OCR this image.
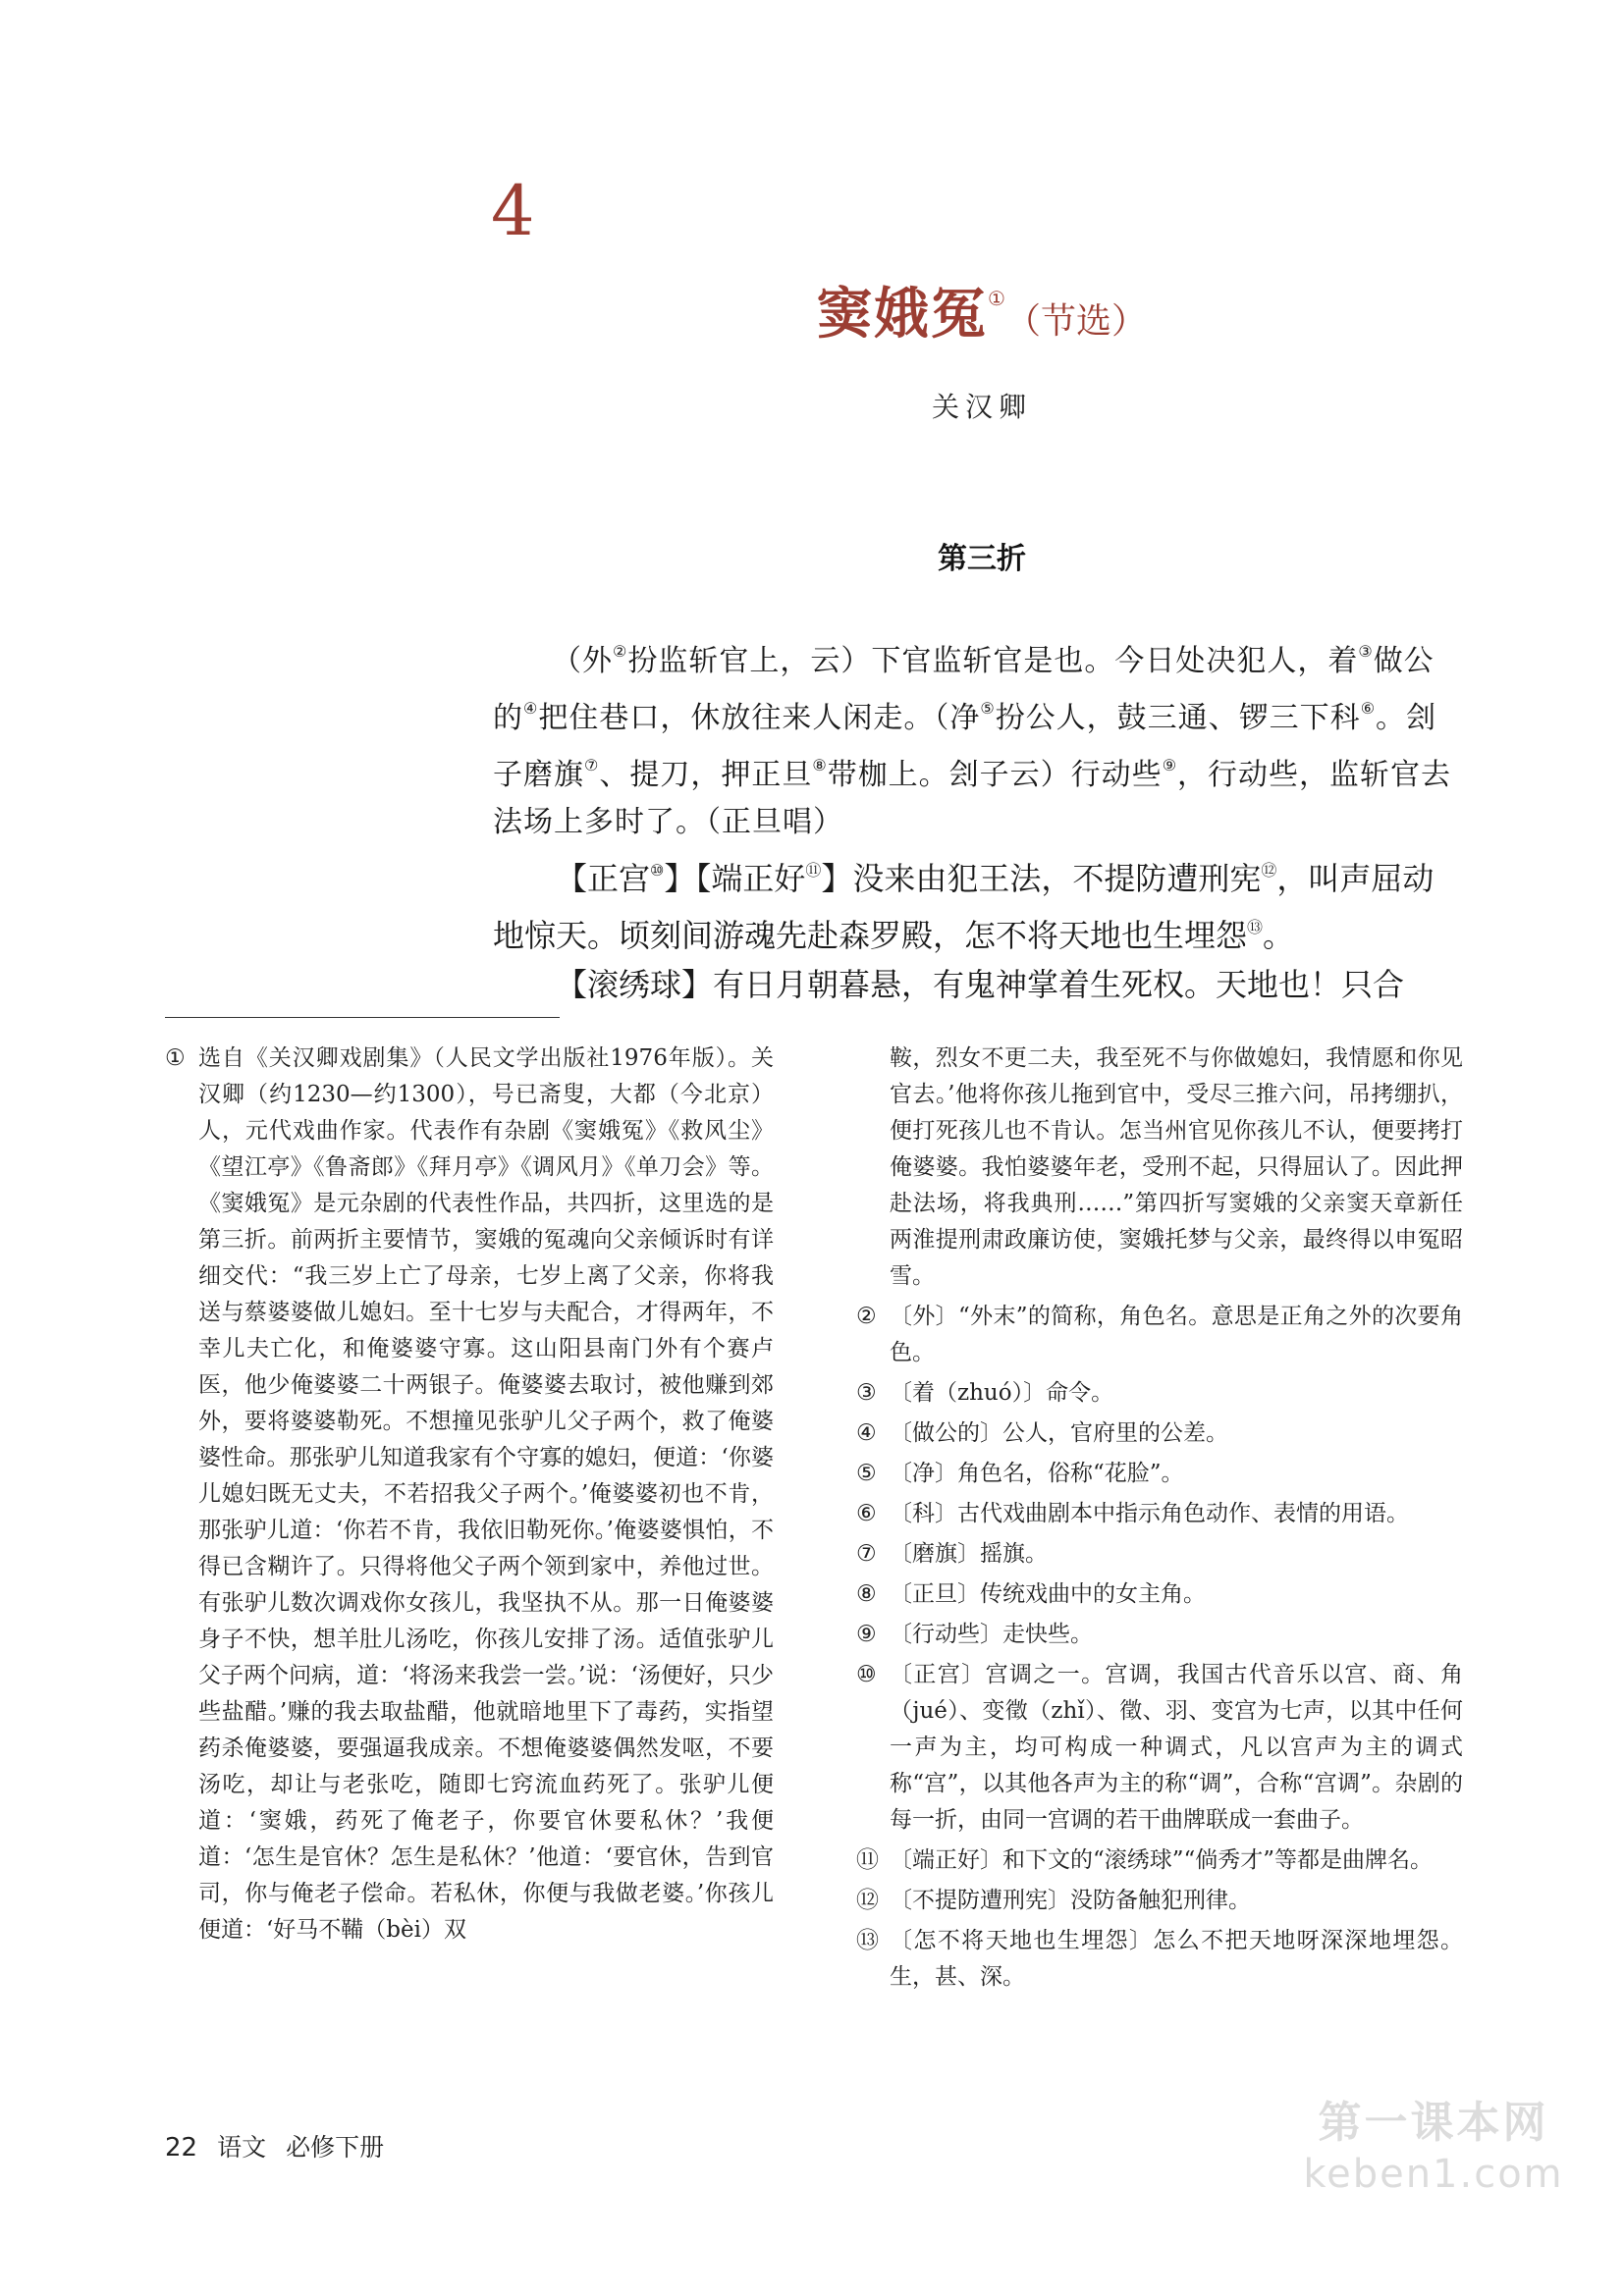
4
窦娥冤①（节选）
关汉卿
第三折

（外②扮监斩官上，云）下官监斩官是也。今日处决犯人，着③做公的④把住巷口，休放往来人闲走。（净⑤扮公人，鼓三通、锣三下科⑥。刽子磨旗⑦、提刀，押正旦⑧带枷上。刽子云）行动些⑨，行动些，监斩官去法场上多时了。（正旦唱）

【正宫⑩】【端正好⑪】没来由犯王法，不提防遭刑宪⑫，叫声屈动地惊天。顷刻间游魂先赴森罗殿，怎不将天地也生埋怨⑬。

【滚绣球】有日月朝暮悬，有鬼神掌着生死权。天地也！只合

① 选自《关汉卿戏剧集》（人民文学出版社1976年版）。关汉卿（约1230—约1300），号已斋叟，大都（今北京）人，元代戏曲作家。代表作有杂剧《窦娥冤》《救风尘》《望江亭》《鲁斋郎》《拜月亭》《调风月》《单刀会》等。《窦娥冤》是元杂剧的代表性作品，共四折，这里选的是第三折。前两折主要情节，窦娥的冤魂向父亲倾诉时有详细交代：“我三岁上亡了母亲，七岁上离了父亲，你将我送与蔡婆婆做儿媳妇。至十七岁与夫配合，才得两年，不幸儿夫亡化，和俺婆婆守寡。这山阳县南门外有个赛卢医，他少俺婆婆二十两银子。俺婆婆去取讨，被他赚到郊外，要将婆婆勒死。不想撞见张驴儿父子两个，救了俺婆婆性命。那张驴儿知道我家有个守寡的媳妇，便道：‘你婆儿媳妇既无丈夫，不若招我父子两个。’俺婆婆初也不肯，那张驴儿道：‘你若不肯，我依旧勒死你。’俺婆婆惧怕，不得已含糊许了。只得将他父子两个领到家中，养他过世。有张驴儿数次调戏你女孩儿，我坚执不从。那一日俺婆婆身子不快，想羊肚儿汤吃，你孩儿安排了汤。适值张驴儿父子两个问病，道：‘将汤来我尝一尝。’说：‘汤便好，只少些盐醋。’赚的我去取盐醋，他就暗地里下了毒药，实指望药杀俺婆婆，要强逼我成亲。不想俺婆婆偶然发呕，不要汤吃，却让与老张吃，随即七窍流血药死了。张驴儿便道：‘窦娥，药死了俺老子，你要官休要私休？’我便道：‘怎生是官休？怎生是私休？’他道：‘要官休，告到官司，你与俺老子偿命。若私休，你便与我做老婆。’你孩儿便道：‘好马不鞴（bèi）双
鞍，烈女不更二夫，我至死不与你做媳妇，我情愿和你见官去。’他将你孩儿拖到官中，受尽三推六问，吊拷绷扒，便打死孩儿也不肯认。怎当州官见你孩儿不认，便要拷打俺婆婆。我怕婆婆年老，受刑不起，只得屈认了。因此押赴法场，将我典刑……”第四折写窦娥的父亲窦天章新任两淮提刑肃政廉访使，窦娥托梦与父亲，最终得以申冤昭雪。
② 〔外〕“外末”的简称，角色名。意思是正角之外的次要角色。
③ 〔着（zhuó）〕命令。
④ 〔做公的〕公人，官府里的公差。
⑤ 〔净〕角色名，俗称“花脸”。
⑥ 〔科〕古代戏曲剧本中指示角色动作、表情的用语。
⑦ 〔磨旗〕摇旗。
⑧ 〔正旦〕传统戏曲中的女主角。
⑨ 〔行动些〕走快些。
⑩ 〔正宫〕宫调之一。宫调，我国古代音乐以宫、商、角（jué）、变徵（zhǐ）、徵、羽、变宫为七声，以其中任何一声为主，均可构成一种调式，凡以宫声为主的调式称“宫”，以其他各声为主的称“调”，合称“宫调”。杂剧的每一折，由同一宫调的若干曲牌联成一套曲子。
⑪ 〔端正好〕和下文的“滚绣球”“倘秀才”等都是曲牌名。
⑫ 〔不提防遭刑宪〕没防备触犯刑律。
⑬ 〔怎不将天地也生埋怨〕怎么不把天地呀深深地埋怨。生，甚、深。
22 语文 必修下册	第一课本网
keben1.com
